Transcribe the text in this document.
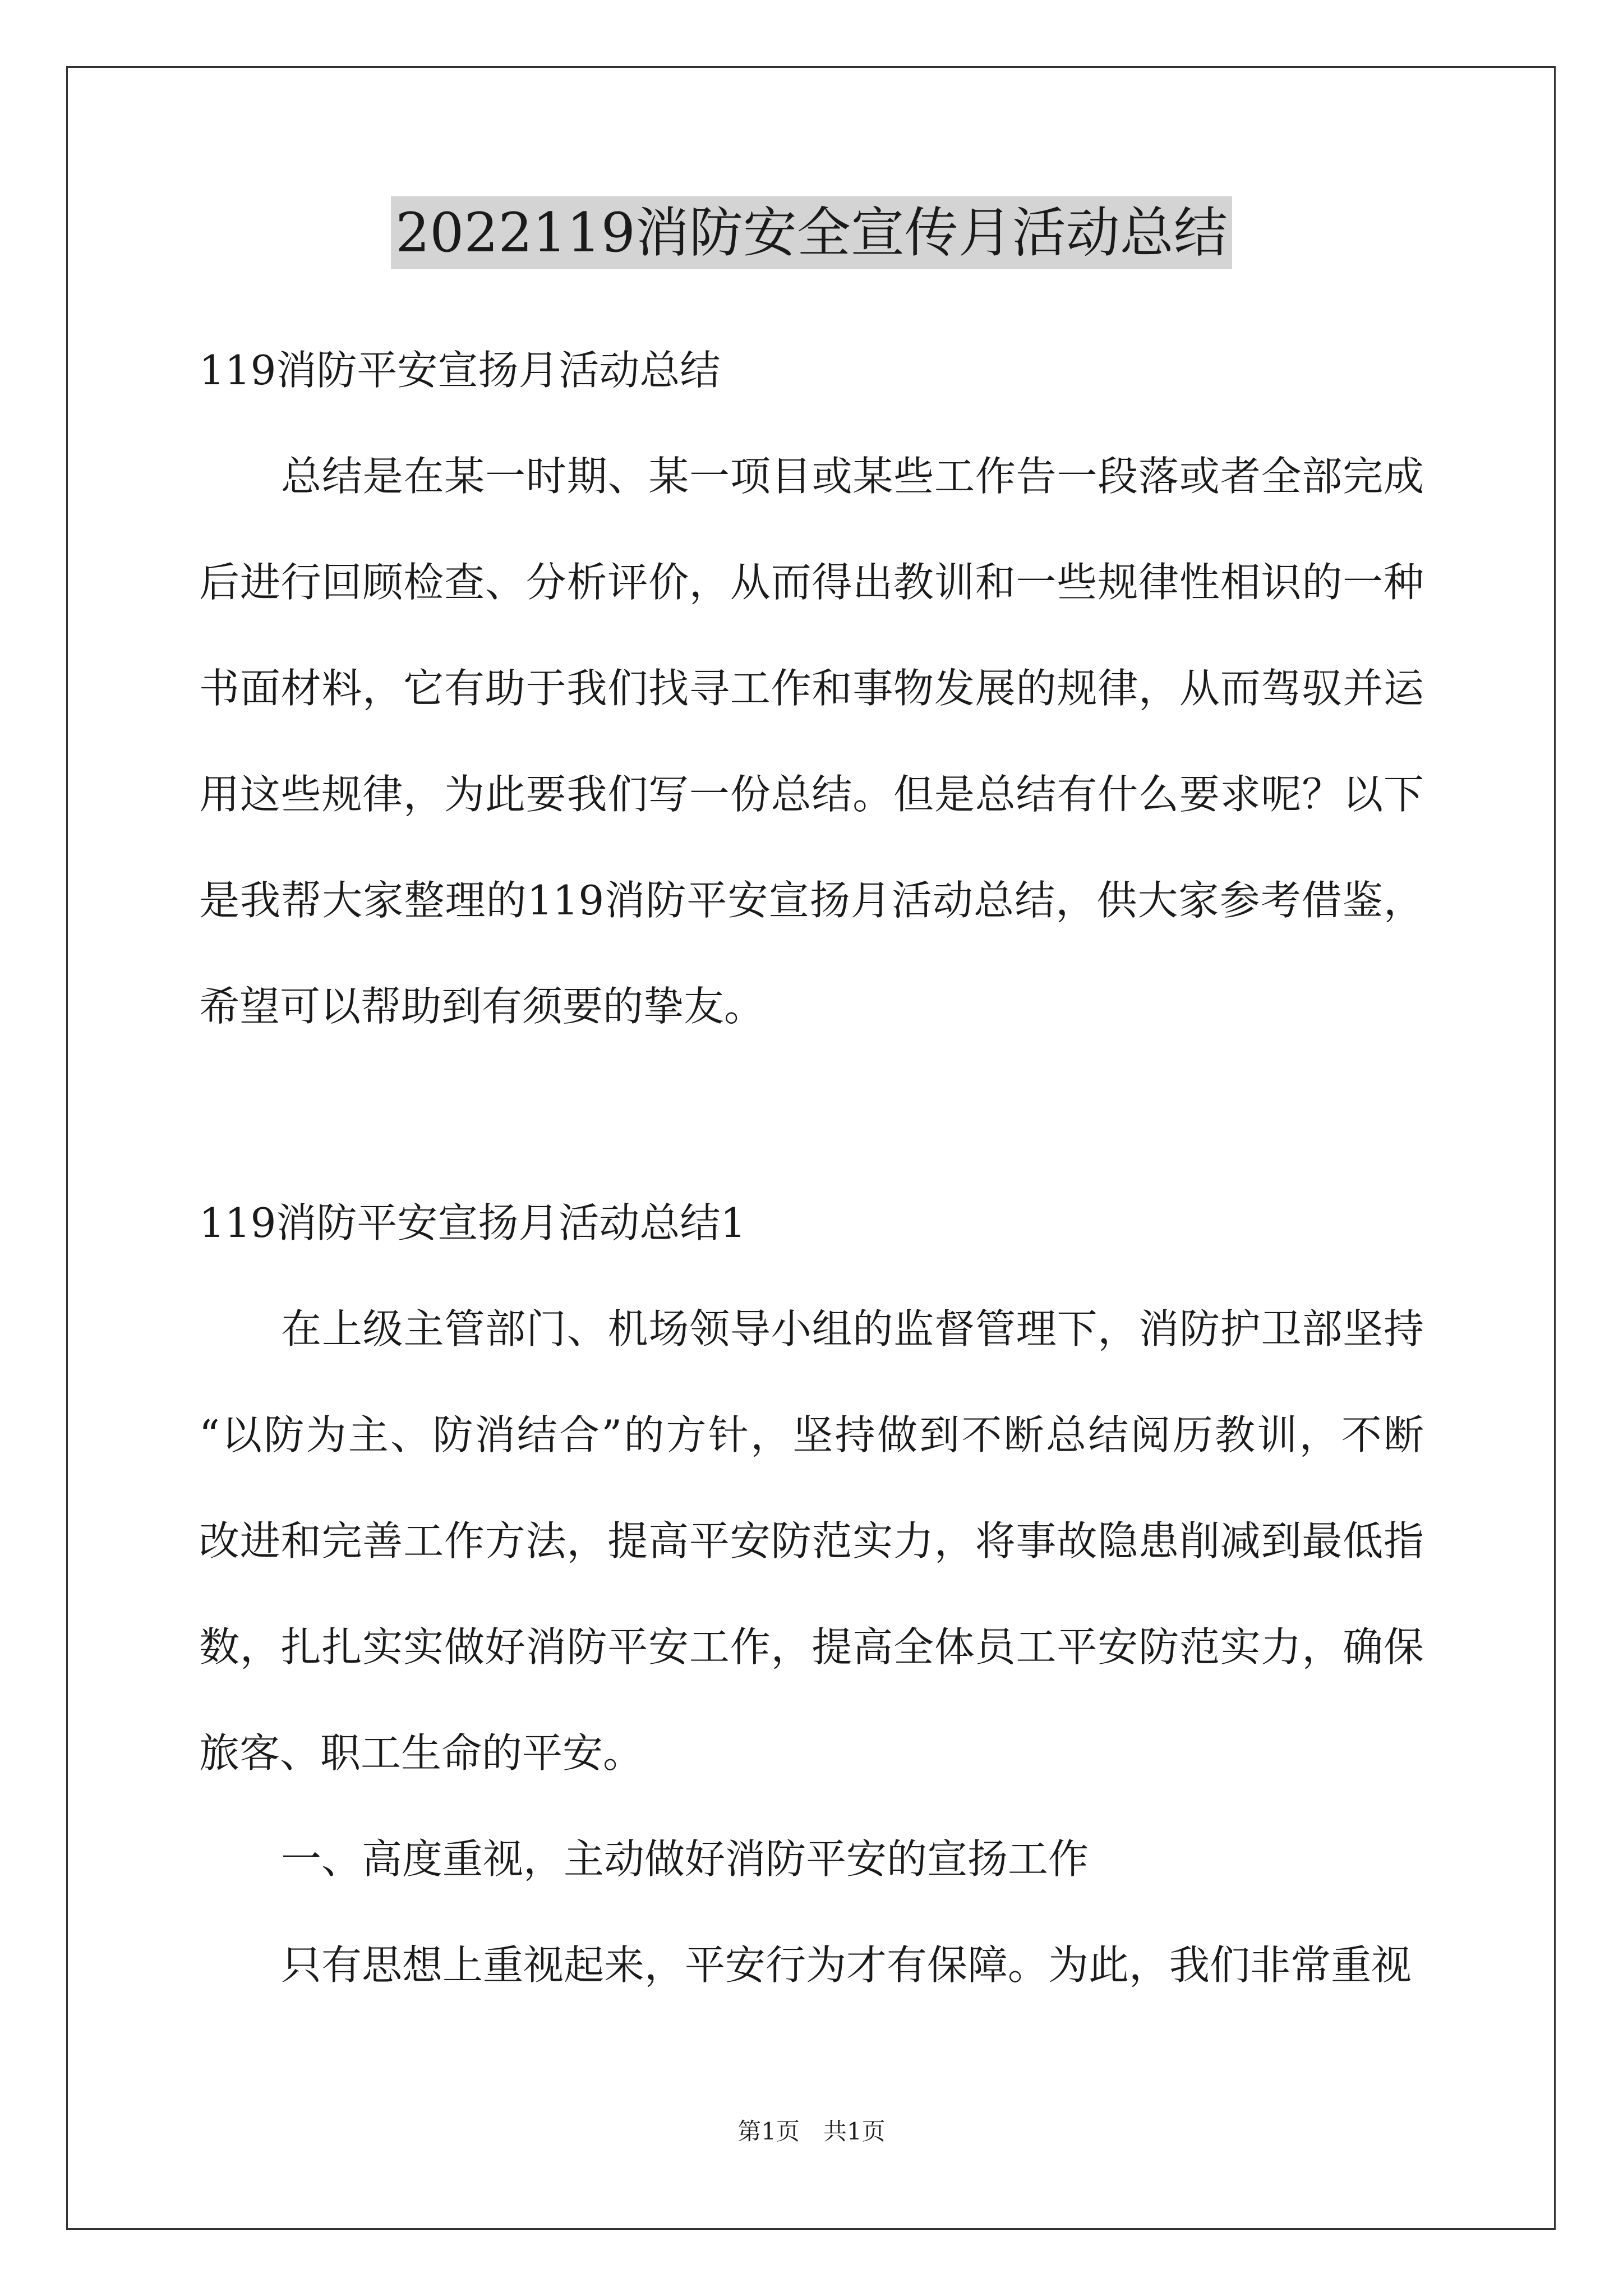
2022119消防安全宣传月活动总结
119消防平安宣扬月活动总结
总结是在某一时期、某一项目或某些工作告一段落或者全部完成
后进行回顾检查、分析评价，从而得出教训和一些规律性相识的一种
书面材料，它有助于我们找寻工作和事物发展的规律，从而驾驭并运
用这些规律，为此要我们写一份总结。但是总结有什么要求呢？以下
是我帮大家整理的119消防平安宣扬月活动总结，供大家参考借鉴，
希望可以帮助到有须要的挚友。
119消防平安宣扬月活动总结1
在上级主管部门、机场领导小组的监督管理下，消防护卫部坚持
“以防为主、防消结合”的方针，坚持做到不断总结阅历教训，不断
改进和完善工作方法，提高平安防范实力，将事故隐患削减到最低指
数，扎扎实实做好消防平安工作，提高全体员工平安防范实力，确保
旅客、职工生命的平安。
一、高度重视，主动做好消防平安的宣扬工作
只有思想上重视起来，平安行为才有保障。为此，我们非常重视
第1页　共1页
